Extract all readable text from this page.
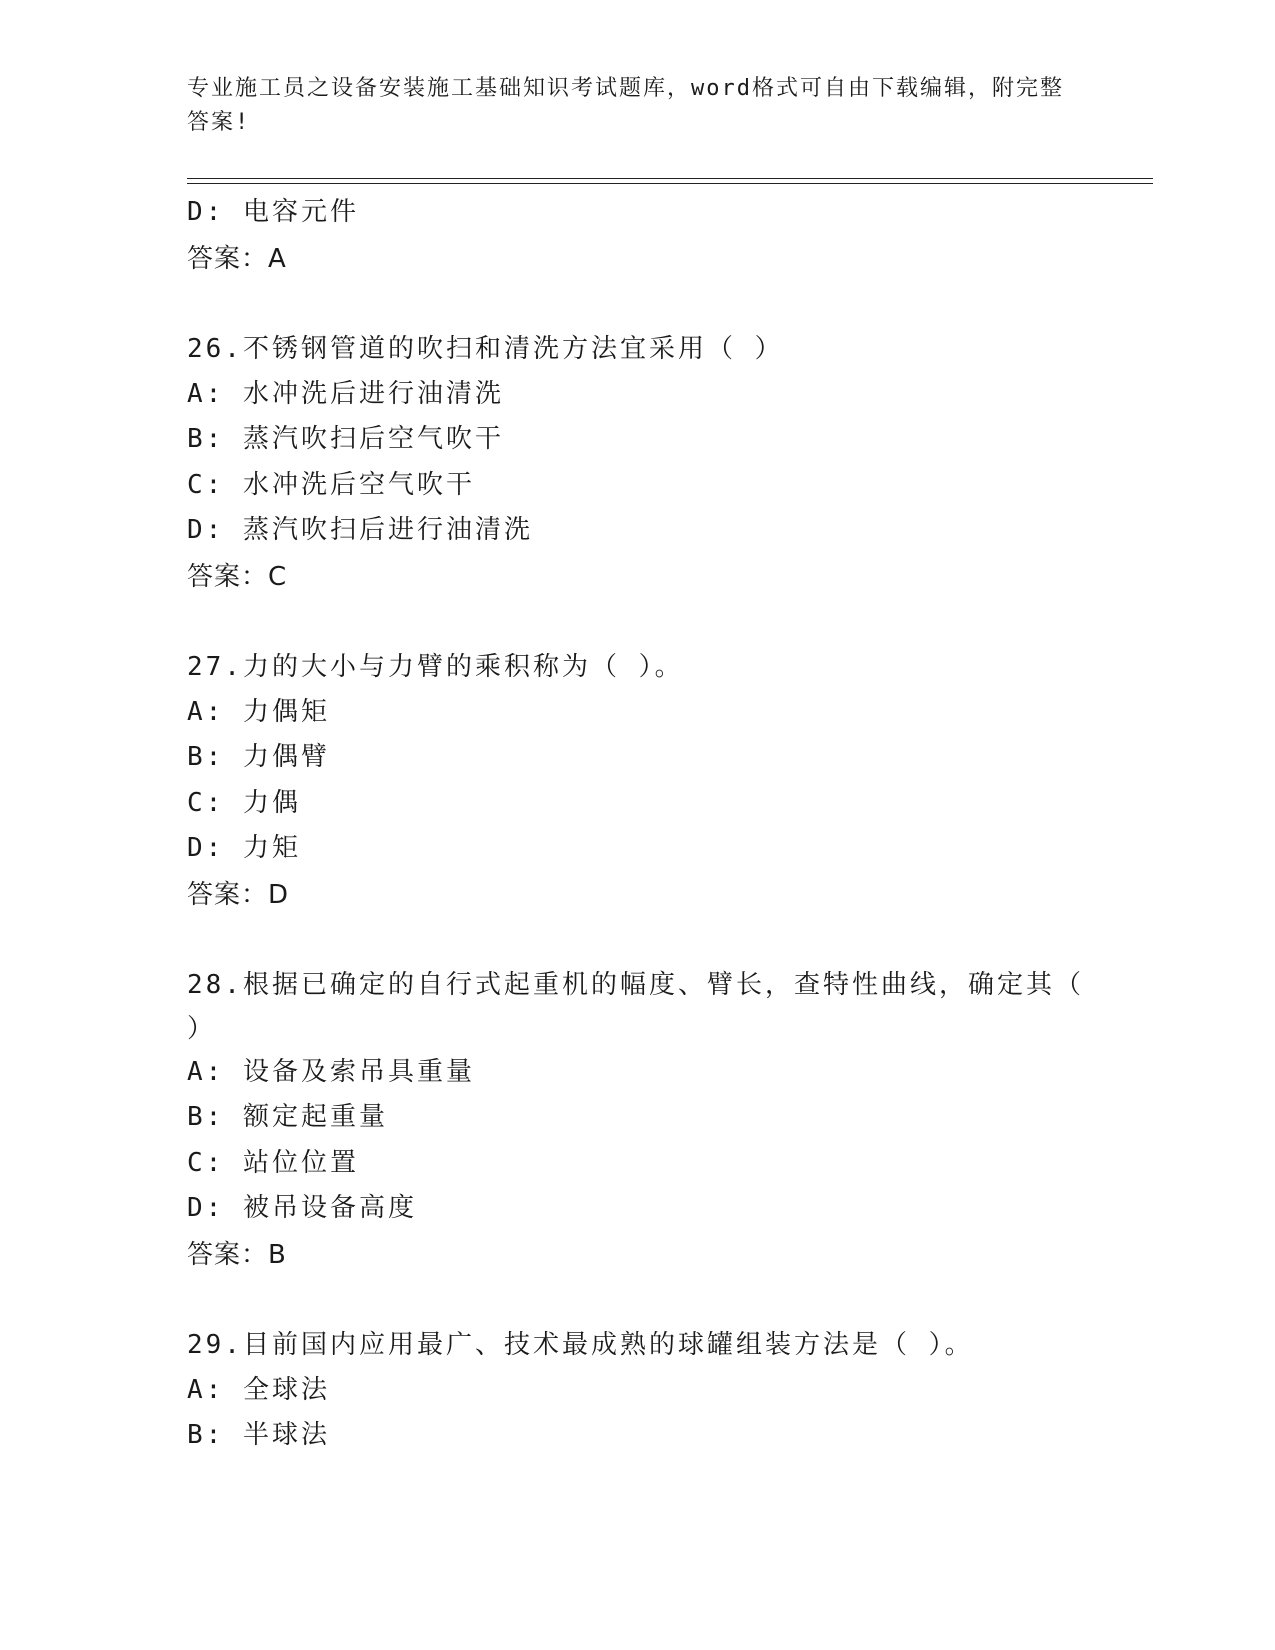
专业施工员之设备安装施工基础知识考试题库，word格式可自由下载编辑，附完整答案!
D: 电容元件
答案：A
26.不锈钢管道的吹扫和清洗方法宜采用（ ）
A: 水冲洗后进行油清洗
B: 蒸汽吹扫后空气吹干
C: 水冲洗后空气吹干
D: 蒸汽吹扫后进行油清洗
答案：C
27.力的大小与力臂的乘积称为（ ）。
A: 力偶矩
B: 力偶臂
C: 力偶
D: 力矩
答案：D
28.根据已确定的自行式起重机的幅度、臂长，查特性曲线，确定其（
）
A: 设备及索吊具重量
B: 额定起重量
C: 站位位置
D: 被吊设备高度
答案：B
29.目前国内应用最广、技术最成熟的球罐组装方法是（ ）。
A: 全球法
B: 半球法
